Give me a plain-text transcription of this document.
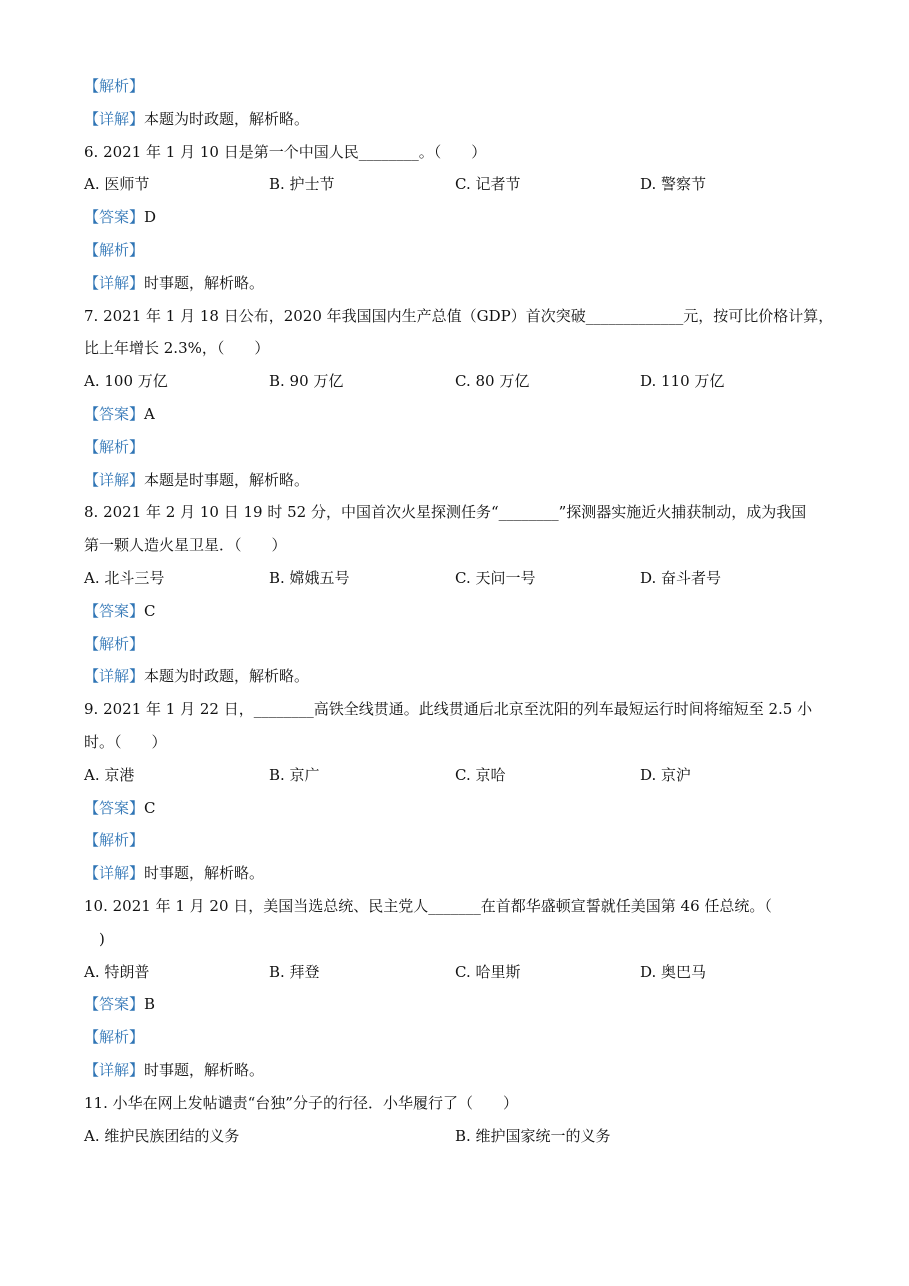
【解析】
【详解】本题为时政题，解析略。
6. 2021 年 1 月 10 日是第一个中国人民________。（　　）
A. 医师节	B. 护士节	C. 记者节	D. 警察节
【答案】D
【解析】
【详解】时事题，解析略。
7. 2021 年 1 月 18 日公布，2020 年我国国内生产总值（GDP）首次突破_____________元，按可比价格计算，
比上年增长 2.3%，（　　）
A. 100 万亿	B. 90 万亿	C. 80 万亿	D. 110 万亿
【答案】A
【解析】
【详解】本题是时事题，解析略。
8. 2021 年 2 月 10 日 19 时 52 分，中国首次火星探测任务“________”探测器实施近火捕获制动，成为我国
第一颗人造火星卫星．（　　）
A. 北斗三号	B. 嫦娥五号	C. 天问一号	D. 奋斗者号
【答案】C
【解析】
【详解】本题为时政题，解析略。
9. 2021 年 1 月 22 日，________高铁全线贯通。此线贯通后北京至沈阳的列车最短运行时间将缩短至 2.5 小
时。（　　）
A. 京港	B. 京广	C. 京哈	D. 京沪
【答案】C
【解析】
【详解】时事题，解析略。
10. 2021 年 1 月 20 日，美国当选总统、民主党人_______在首都华盛顿宣誓就任美国第 46 任总统。（
　)
A. 特朗普	B. 拜登	C. 哈里斯	D. 奥巴马
【答案】B
【解析】
【详解】时事题，解析略。
11. 小华在网上发帖谴责“台独”分子的行径．小华履行了（　　）
A. 维护民族团结的义务	B. 维护国家统一的义务
